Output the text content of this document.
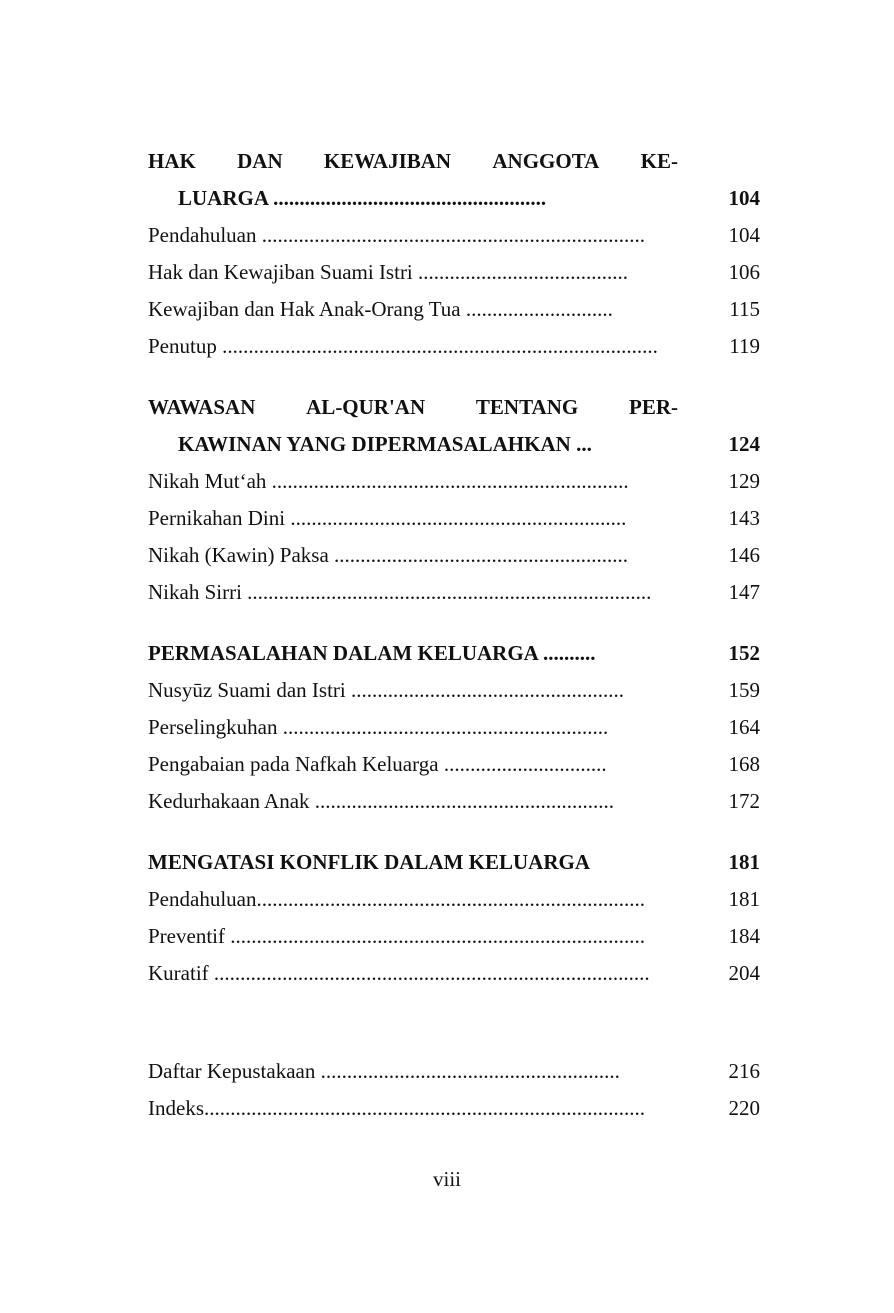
HAK DAN KEWAJIBAN ANGGOTA KE-
LUARGA ....................................................	104
Pendahuluan .........................................................................	104
Hak dan Kewajiban Suami Istri ........................................	106
Kewajiban dan Hak Anak-Orang Tua ............................	115
Penutup ...................................................................................	119
WAWASAN AL-QUR'AN TENTANG PER-
KAWINAN YANG DIPERMASALAHKAN ...	124
Nikah Mut‘ah ....................................................................	129
Pernikahan Dini ................................................................	143
Nikah (Kawin) Paksa ........................................................	146
Nikah Sirri .............................................................................	147
PERMASALAHAN DALAM KELUARGA ..........	152
Nusyūz Suami dan Istri ....................................................	159
Perselingkuhan ..............................................................	164
Pengabaian pada Nafkah Keluarga ...............................	168
Kedurhakaan Anak .........................................................	172
MENGATASI KONFLIK DALAM KELUARGA	181
Pendahuluan..........................................................................	181
Preventif ...............................................................................	184
Kuratif ...................................................................................	204
Daftar Kepustakaan .........................................................	216
Indeks....................................................................................	220
viii
